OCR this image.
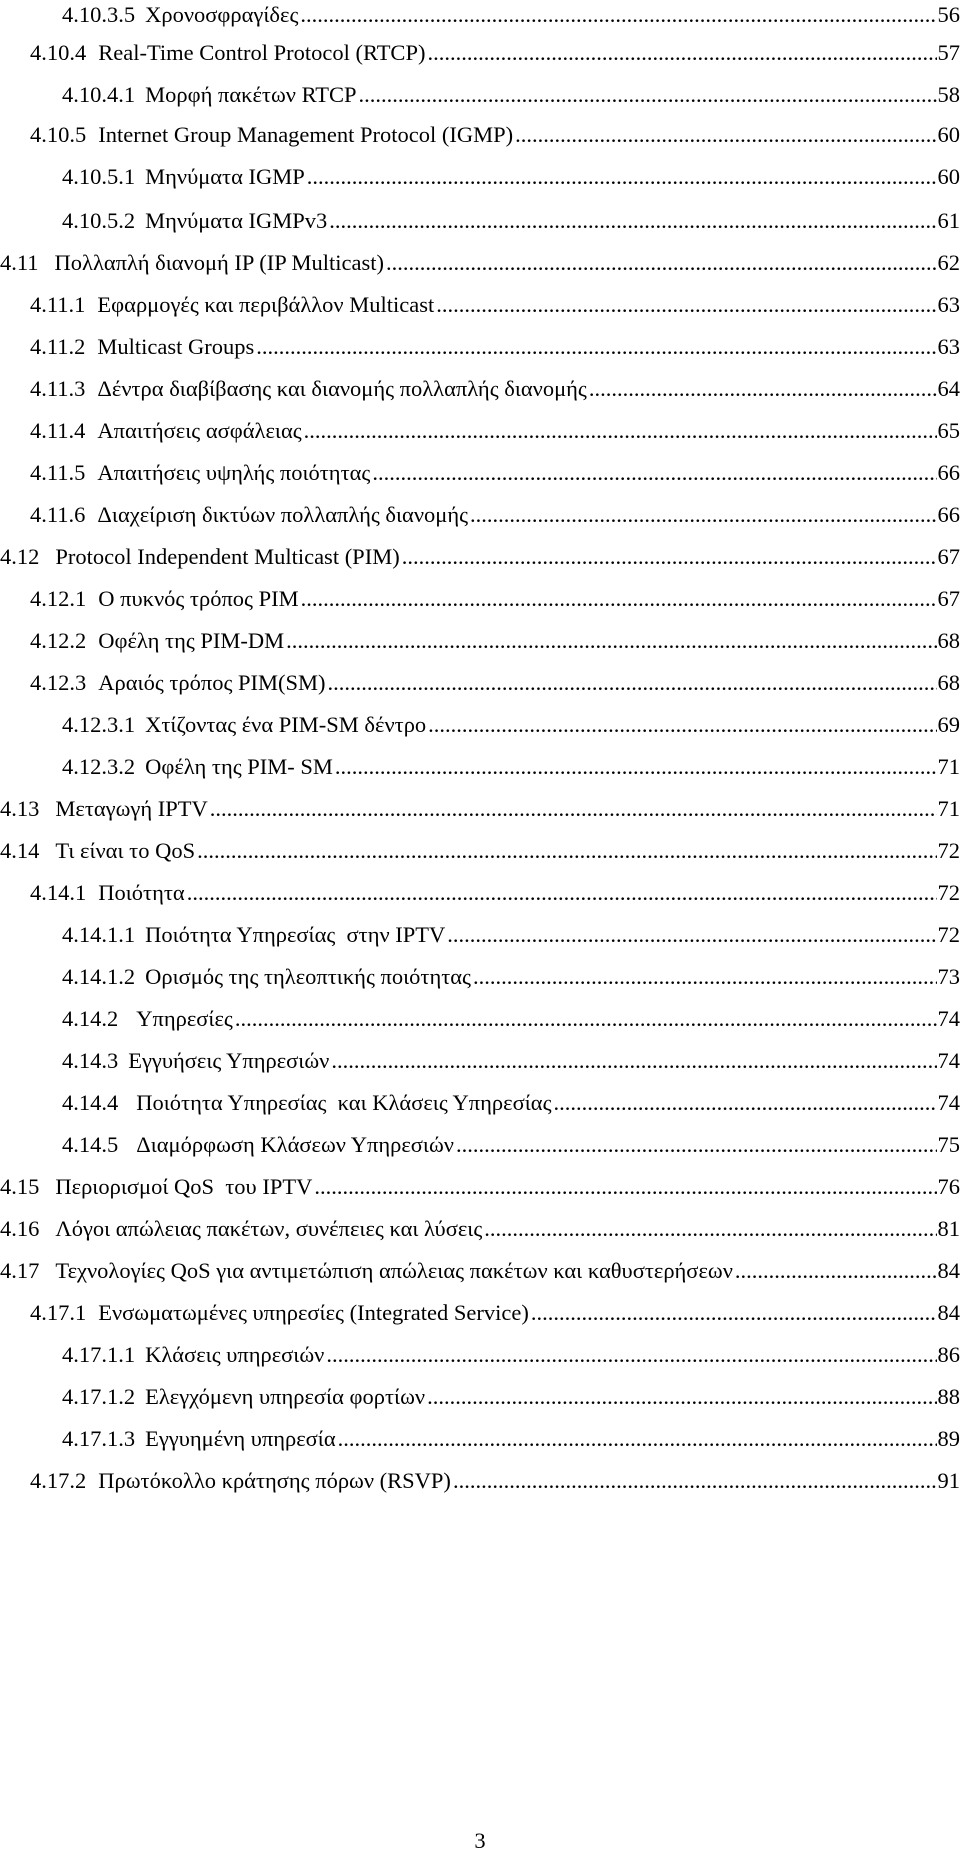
4.10.3.5 Χρονοσφραγίδες .....	56
4.10.4 Real-Time Control Protocol (RTCP) .....	57
4.10.4.1 Μορφή πακέτων RTCP .....	58
4.10.5 Internet Group Management Protocol (IGMP) .....	60
4.10.5.1 Μηνύματα IGMP .....	60
4.10.5.2 Μηνύματα IGMPv3 .....	61
4.11 Πολλαπλή διανομή IP (IP Multicast) .....	62
4.11.1 Εφαρμογές και περιβάλλον Multicast .....	63
4.11.2 Multicast Groups .....	63
4.11.3 Δέντρα διαβίβασης και διανομής πολλαπλής διανομής .....	64
4.11.4 Απαιτήσεις ασφάλειας .....	65
4.11.5 Απαιτήσεις υψηλής ποιότητας .....	66
4.11.6 Διαχείριση δικτύων πολλαπλής διανομής .....	66
4.12 Protocol Independent Multicast (PIM) .....	67
4.12.1 Ο πυκνός τρόπος PIM .....	67
4.12.2 Οφέλη της PIM-DM .....	68
4.12.3 Αραιός τρόπος PIM(SM) .....	68
4.12.3.1 Χτίζοντας ένα PIM-SM δέντρο .....	69
4.12.3.2 Οφέλη της PIM- SM .....	71
4.13 Μεταγωγή IPTV .....	71
4.14 Τι είναι το QoS .....	72
4.14.1 Ποιότητα .....	72
4.14.1.1 Ποιότητα Υπηρεσίας  στην IPTV .....	72
4.14.1.2 Ορισμός της τηλεοπτικής ποιότητας .....	73
4.14.2 Υπηρεσίες .....	74
4.14.3 Εγγυήσεις Υπηρεσιών .....	74
4.14.4 Ποιότητα Υπηρεσίας  και Κλάσεις Υπηρεσίας .....	74
4.14.5 Διαμόρφωση Κλάσεων Υπηρεσιών .....	75
4.15 Περιορισμοί QoS  του IPTV .....	76
4.16 Λόγοι απώλειας πακέτων, συνέπειες και λύσεις .....	81
4.17 Τεχνολογίες QoS για αντιμετώπιση απώλειας πακέτων και καθυστερήσεων .....	84
4.17.1 Ενσωματωμένες υπηρεσίες (Integrated Service) .....	84
4.17.1.1 Κλάσεις υπηρεσιών .....	86
4.17.1.2 Ελεγχόμενη υπηρεσία φορτίων .....	88
4.17.1.3 Εγγυημένη υπηρεσία .....	89
4.17.2 Πρωτόκολλο κράτησης πόρων (RSVP) .....	91
3
